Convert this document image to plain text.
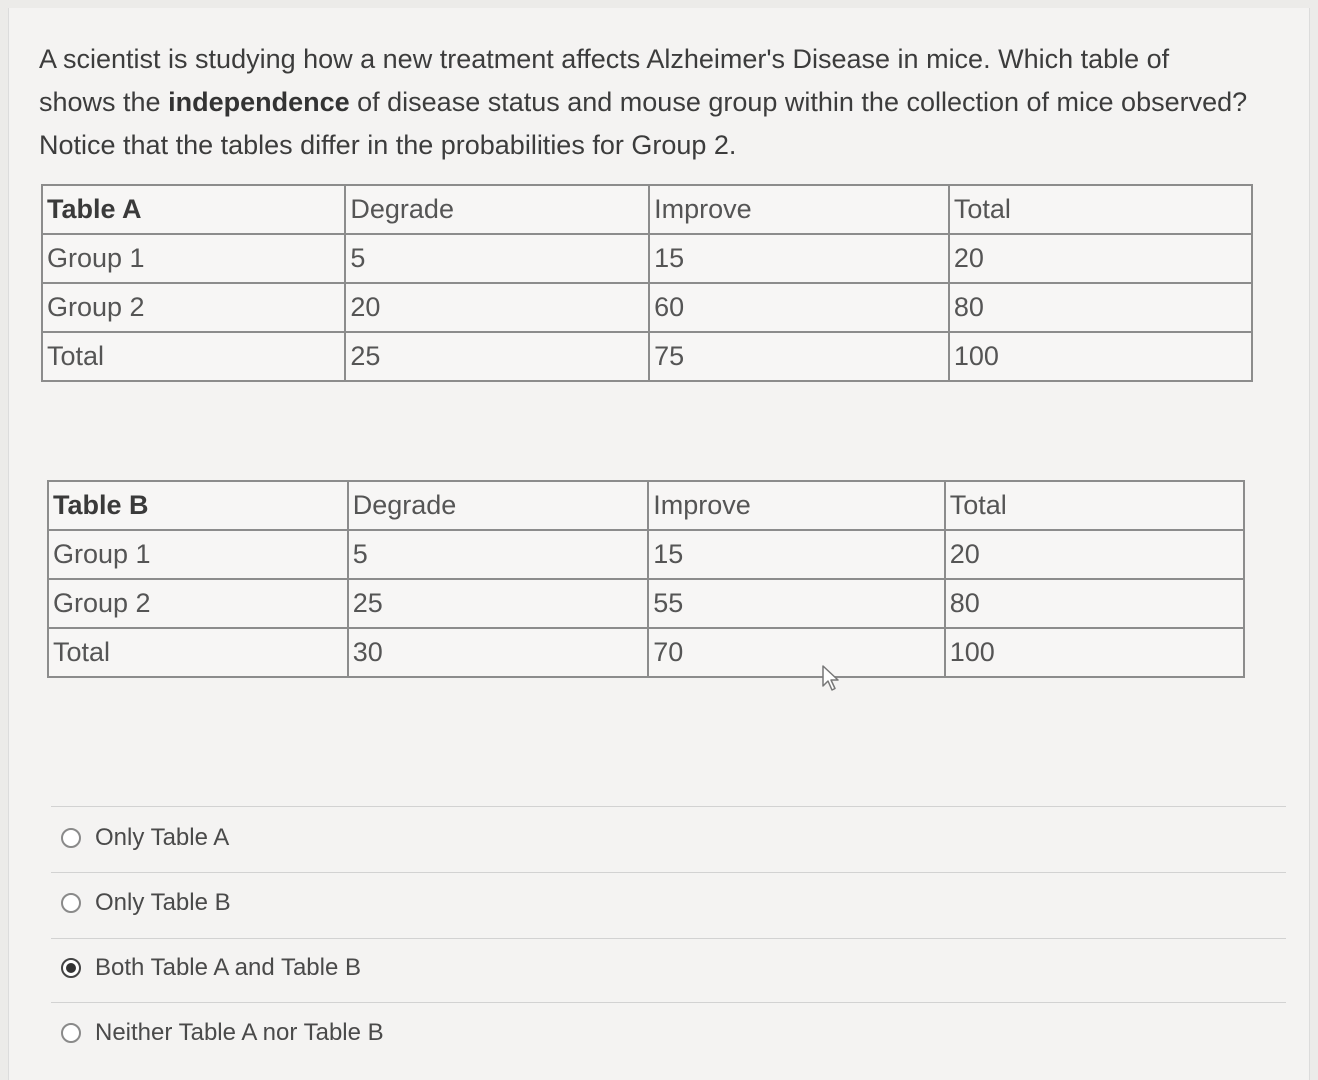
A scientist is studying how a new treatment affects Alzheimer's Disease in mice. Which table of
shows the independence of disease status and mouse group within the collection of mice observed?
Notice that the tables differ in the probabilities for Group 2.
Table A	Degrade	Improve	Total
Group 1	5	15	20
Group 2	20	60	80
Total	25	75	100
Table B	Degrade	Improve	Total
Group 1	5	15	20
Group 2	25	55	80
Total	30	70	100
Only Table A
Only Table B
Both Table A and Table B
Neither Table A nor Table B
